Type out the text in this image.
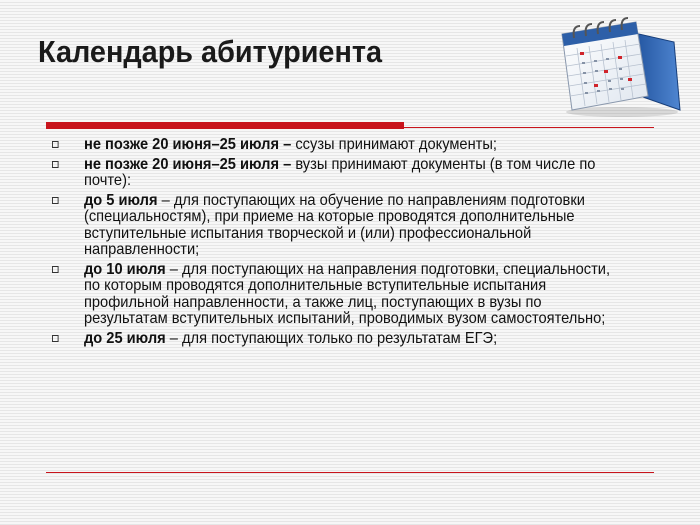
Календарь абитуриента
не позже 20 июня–25 июля – ссузы принимают документы;
не позже 20 июня–25 июля – вузы принимают документы (в том числе по почте):
до 5 июля – для поступающих на обучение по направлениям подготовки (специальностям), при приеме на которые проводятся дополнительные вступительные испытания творческой и (или) профессиональной направленности;
до 10 июля – для поступающих на направления подготовки, специальности, по которым проводятся дополнительные вступительные испытания профильной направленности, а также лиц, поступающих в вузы по результатам вступительных испытаний, проводимых вузом самостоятельно;
до 25 июля – для поступающих только по результатам ЕГЭ;
